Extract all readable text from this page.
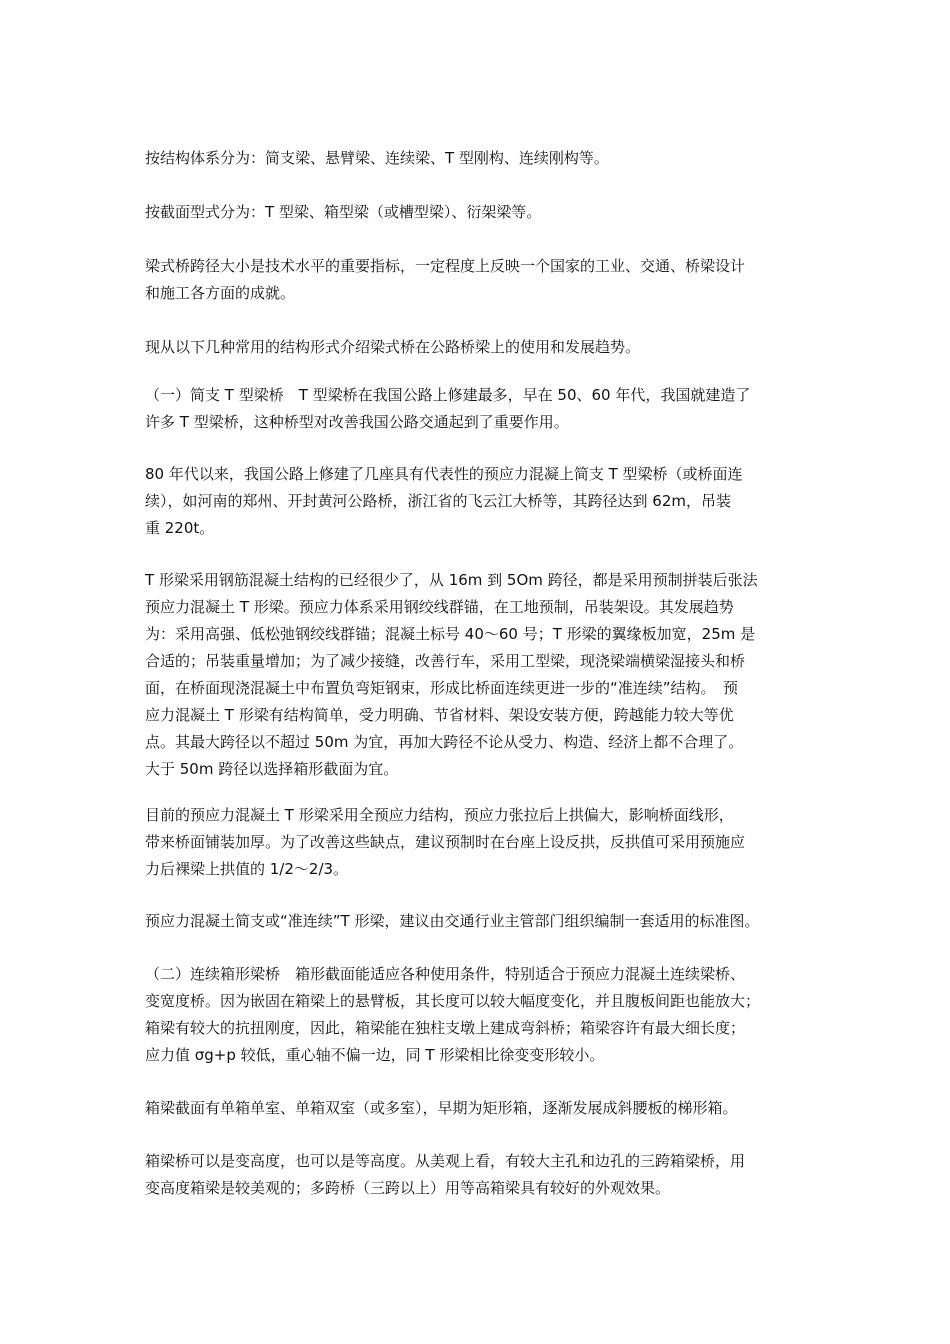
按结构体系分为：简支梁、悬臂梁、连续梁、T 型刚构、连续刚构等。
按截面型式分为：T 型梁、箱型梁（或槽型梁）、衍架梁等。
梁式桥跨径大小是技术水平的重要指标，一定程度上反映一个国家的工业、交通、桥梁设计
和施工各方面的成就。
现从以下几种常用的结构形式介绍梁式桥在公路桥梁上的使用和发展趋势。
（一）简支 T 型梁桥　T 型梁桥在我国公路上修建最多，早在 50、60 年代，我国就建造了
许多 T 型梁桥，这种桥型对改善我国公路交通起到了重要作用。
80 年代以来，我国公路上修建了几座具有代表性的预应力混凝上简支 T 型梁桥（或桥面连
续），如河南的郑州、开封黄河公路桥，浙江省的飞云江大桥等，其跨径达到 62m，吊装
重 220t。
T 形梁采用钢筋混凝土结构的已经很少了，从 16m 到 5Om 跨径，都是采用预制拼装后张法
预应力混凝土 T 形梁。预应力体系采用钢绞线群锚，在工地预制，吊装架设。其发展趋势
为：采用高强、低松弛钢绞线群锚；混凝土标号 40～60 号；T 形梁的翼缘板加宽，25m 是
合适的；吊装重量增加；为了减少接缝，改善行车，采用工型梁，现浇梁端横梁湿接头和桥
面，在桥面现浇混凝土中布置负弯矩钢束，形成比桥面连续更进一步的“准连续”结构。　预
应力混凝土 T 形梁有结构简单，受力明确、节省材料、架设安装方便，跨越能力较大等优
点。其最大跨径以不超过 50m 为宜，再加大跨径不论从受力、构造、经济上都不合理了。
大于 50m 跨径以选择箱形截面为宜。
目前的预应力混凝土 T 形梁采用全预应力结构，预应力张拉后上拱偏大，影响桥面线形，
带来桥面铺装加厚。为了改善这些缺点，建议预制时在台座上设反拱，反拱值可采用预施应
力后裸梁上拱值的 1/2～2/3。
预应力混凝土简支或“准连续”T 形梁，建议由交通行业主管部门组织编制一套适用的标准图。
（二）连续箱形梁桥　箱形截面能适应各种使用条件，特别适合于预应力混凝土连续梁桥、
变宽度桥。因为嵌固在箱梁上的悬臂板，其长度可以较大幅度变化，并且腹板间距也能放大；
箱梁有较大的抗扭刚度，因此，箱梁能在独柱支墩上建成弯斜桥；箱梁容许有最大细长度；
应力值 σg+p 较低，重心轴不偏一边，同 T 形梁相比徐变变形较小。
箱梁截面有单箱单室、单箱双室（或多室），早期为矩形箱，逐渐发展成斜腰板的梯形箱。
箱梁桥可以是变高度，也可以是等高度。从美观上看，有较大主孔和边孔的三跨箱梁桥，用
变高度箱梁是较美观的；多跨桥（三跨以上）用等高箱梁具有较好的外观效果。
